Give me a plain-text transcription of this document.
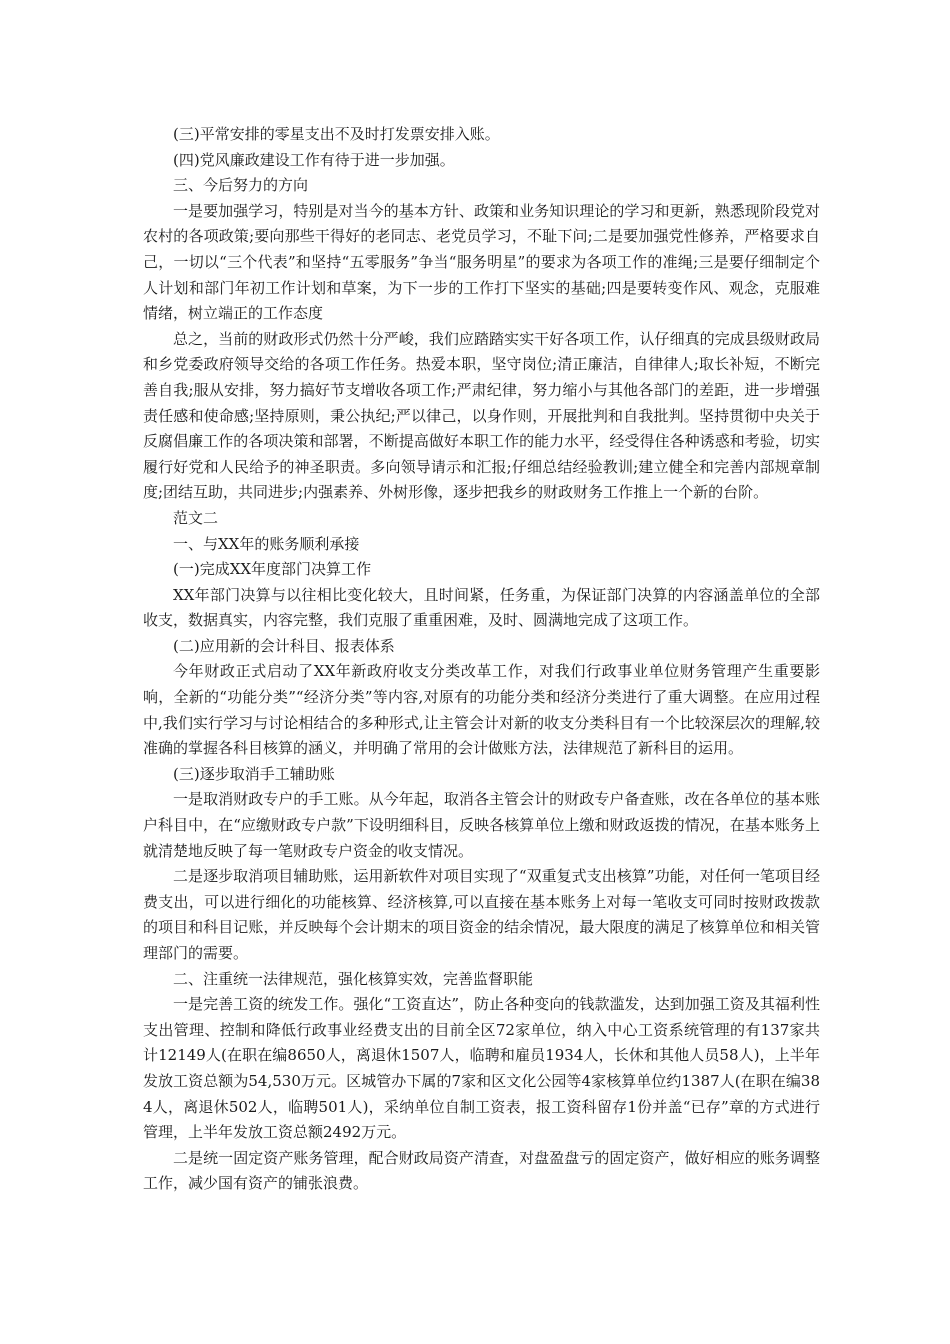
(三)平常安排的零星支出不及时打发票安排入账。

(四)党风廉政建设工作有待于进一步加强。

三、今后努力的方向

一是要加强学习，特别是对当今的基本方针、政策和业务知识理论的学习和更新，熟悉现阶段党对农村的各项政策;要向那些干得好的老同志、老党员学习，不耻下问;二是要加强党性修养，严格要求自己，一切以“三个代表”和坚持“五零服务”争当“服务明星”的要求为各项工作的准绳;三是要仔细制定个人计划和部门年初工作计划和草案，为下一步的工作打下坚实的基础;四是要转变作风、观念，克服难情绪，树立端正的工作态度

总之，当前的财政形式仍然十分严峻，我们应踏踏实实干好各项工作，认仔细真的完成县级财政局和乡党委政府领导交给的各项工作任务。热爱本职，坚守岗位;清正廉洁，自律律人;取长补短，不断完善自我;服从安排，努力搞好节支增收各项工作;严肃纪律，努力缩小与其他各部门的差距，进一步增强责任感和使命感;坚持原则，秉公执纪;严以律己，以身作则，开展批判和自我批判。坚持贯彻中央关于反腐倡廉工作的各项决策和部署，不断提高做好本职工作的能力水平，经受得住各种诱惑和考验，切实履行好党和人民给予的神圣职责。多向领导请示和汇报;仔细总结经验教训;建立健全和完善内部规章制度;团结互助，共同进步;内强素养、外树形像，逐步把我乡的财政财务工作推上一个新的台阶。

范文二

一、与XX年的账务顺利承接

(一)完成XX年度部门决算工作

XX年部门决算与以往相比变化较大，且时间紧，任务重，为保证部门决算的内容涵盖单位的全部收支，数据真实，内容完整，我们克服了重重困难，及时、圆满地完成了这项工作。

(二)应用新的会计科目、报表体系

今年财政正式启动了XX年新政府收支分类改革工作，对我们行政事业单位财务管理产生重要影响，全新的“功能分类”“经济分类”等内容,对原有的功能分类和经济分类进行了重大调整。在应用过程中,我们实行学习与讨论相结合的多种形式,让主管会计对新的收支分类科目有一个比较深层次的理解,较准确的掌握各科目核算的涵义，并明确了常用的会计做账方法，法律规范了新科目的运用。

(三)逐步取消手工辅助账

一是取消财政专户的手工账。从今年起，取消各主管会计的财政专户备查账，改在各单位的基本账户科目中，在“应缴财政专户款”下设明细科目，反映各核算单位上缴和财政返拨的情况，在基本账务上就清楚地反映了每一笔财政专户资金的收支情况。

二是逐步取消项目辅助账，运用新软件对项目实现了“双重复式支出核算”功能，对任何一笔项目经费支出，可以进行细化的功能核算、经济核算,可以直接在基本账务上对每一笔收支可同时按财政拨款的项目和科目记账，并反映每个会计期末的项目资金的结余情况，最大限度的满足了核算单位和相关管理部门的需要。

二、注重统一法律规范，强化核算实效，完善监督职能

一是完善工资的统发工作。强化“工资直达”，防止各种变向的钱款滥发，达到加强工资及其福利性支出管理、控制和降低行政事业经费支出的目前全区72家单位，纳入中心工资系统管理的有137家共计12149人(在职在编8650人，离退休1507人，临聘和雇员1934人，长休和其他人员58人)，上半年发放工资总额为54,530万元。区城管办下属的7家和区文化公园等4家核算单位约1387人(在职在编384人，离退休502人，临聘501人)，采纳单位自制工资表，报工资科留存1份并盖“已存”章的方式进行管理，上半年发放工资总额2492万元。

二是统一固定资产账务管理，配合财政局资产清查，对盘盈盘亏的固定资产，做好相应的账务调整工作，减少国有资产的铺张浪费。
